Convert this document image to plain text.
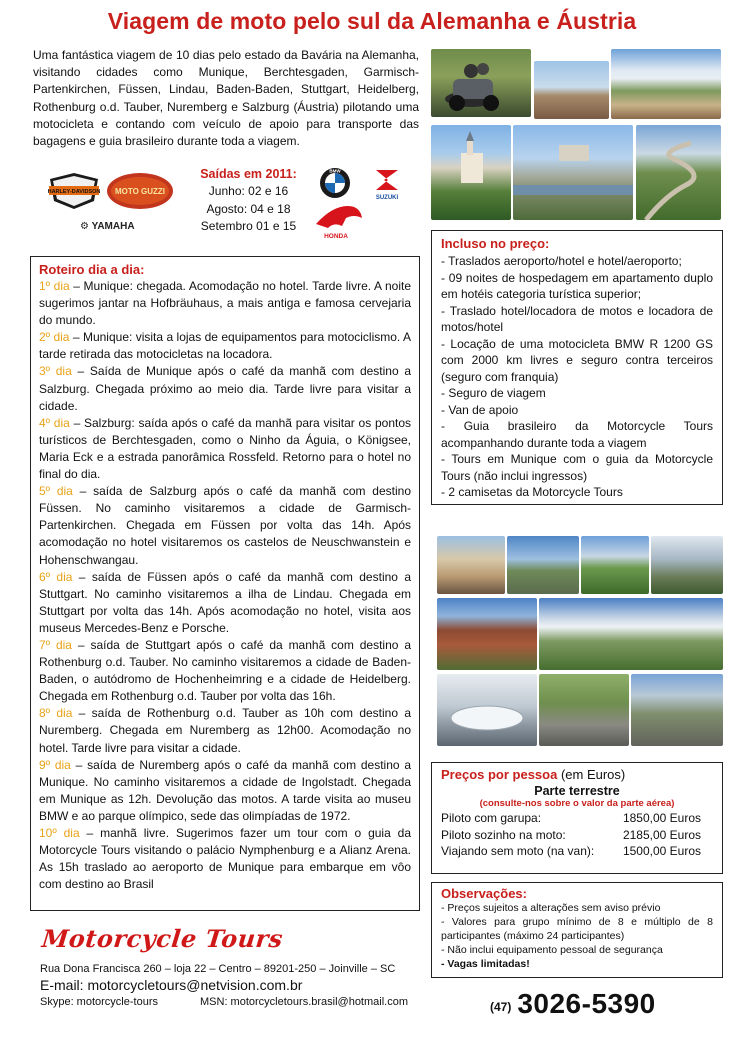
Viagem de moto pelo sul da Alemanha e Áustria
Uma fantástica viagem de 10 dias pelo estado da Bavária na Alemanha, visitando cidades como Munique, Berchtesgaden, Garmisch-Partenkirchen, Füssen, Lindau, Baden-Baden, Stuttgart, Heidelberg, Rothenburg o.d. Tauber, Nuremberg e Salzburg (Áustria) pilotando uma motocicleta e contando com veículo de apoio para transporte das bagagens e guia brasileiro durante toda a viagem.
HARLEY-DAVIDSON MOTO GUZZI
⚙ YAMAHA
Saídas em 2011:
Junho: 02 e 16
Agosto: 04 e 18
Setembro 01 e 15
BMW
SUZUKI
HONDA
Roteiro dia a dia:
1º dia – Munique: chegada. Acomodação no hotel. Tarde livre. A noite sugerimos jantar na Hofbräuhaus, a mais antiga e famosa cervejaria do mundo.
2º dia – Munique: visita a lojas de equipamentos para motociclismo. A tarde retirada das motocicletas na locadora.
3º dia – Saída de Munique após o café da manhã com destino a Salzburg. Chegada próximo ao meio dia. Tarde livre para visitar a cidade.
4º dia – Salzburg: saída após o café da manhã para visitar os pontos turísticos de Berchtesgaden, como o Ninho da Águia, o Königsee, Maria Eck e a estrada panorâmica Rossfeld. Retorno para o hotel no final do dia.
5º dia – saída de Salzburg após o café da manhã com destino Füssen. No caminho visitaremos a cidade de Garmisch-Partenkirchen. Chegada em Füssen por volta das 14h. Após acomodação no hotel visitaremos os castelos de Neuschwanstein e Hohenschwangau.
6º dia – saída de Füssen após o café da manhã com destino a Stuttgart. No caminho visitaremos a ilha de Lindau. Chegada em Stuttgart por volta das 14h. Após acomodação no hotel, visita aos museus Mercedes-Benz e Porsche.
7º dia – saída de Stuttgart após o café da manhã com destino a Rothenburg o.d. Tauber. No caminho visitaremos a cidade de Baden-Baden, o autódromo de Hochenheimring e a cidade de Heidelberg. Chegada em Rothenburg o.d. Tauber por volta das 16h.
8º dia – saída de Rothenburg o.d. Tauber as 10h com destino a Nuremberg. Chegada em Nuremberg as 12h00. Acomodação no hotel. Tarde livre para visitar a cidade.
9º dia – saída de Nuremberg após o café da manhã com destino a Munique. No caminho visitaremos a cidade de Ingolstadt. Chegada em Munique as 12h. Devolução das motos. A tarde visita ao museu BMW e ao parque olímpico, sede das olimpíadas de 1972.
10º dia – manhã livre. Sugerimos fazer um tour com o guia da Motorcycle Tours visitando o palácio Nymphenburg e a Alianz Arena. As 15h traslado ao aeroporto de Munique para embarque em vôo com destino ao Brasil
Incluso no preço:
- Traslados aeroporto/hotel e hotel/aeroporto;
- 09 noites de hospedagem em apartamento duplo em hotéis categoria turística superior;
- Traslado hotel/locadora de motos e locadora de motos/hotel
- Locação de uma motocicleta BMW R 1200 GS com 2000 km livres e seguro contra terceiros (seguro com franquia)
- Seguro de viagem
- Van de apoio
- Guia brasileiro da Motorcycle Tours acompanhando durante toda a viagem
- Tours em Munique com o guia da Motorcycle Tours (não inclui ingressos)
- 2 camisetas da Motorcycle Tours
Preços por pessoa (em Euros)
Parte terrestre
(consulte-nos sobre o valor da parte aérea)
Piloto com garupa:	1850,00 Euros
Piloto sozinho na moto:	2185,00 Euros
Viajando sem moto (na van):	1500,00 Euros
Observações:
- Preços sujeitos a alterações sem aviso prévio
- Valores para grupo mínimo de 8 e múltiplo de 8 participantes (máximo 24 participantes)
- Não inclui equipamento pessoal de segurança
- Vagas limitadas!
Motorcycle Tours
Rua Dona Francisca 260 – loja 22 – Centro – 89201-250 – Joinville – SC
E-mail: motorcycletours@netvision.com.br
Skype: motorcycle-tours	MSN: motorcycletours.brasil@hotmail.com	(47) 3026-5390
